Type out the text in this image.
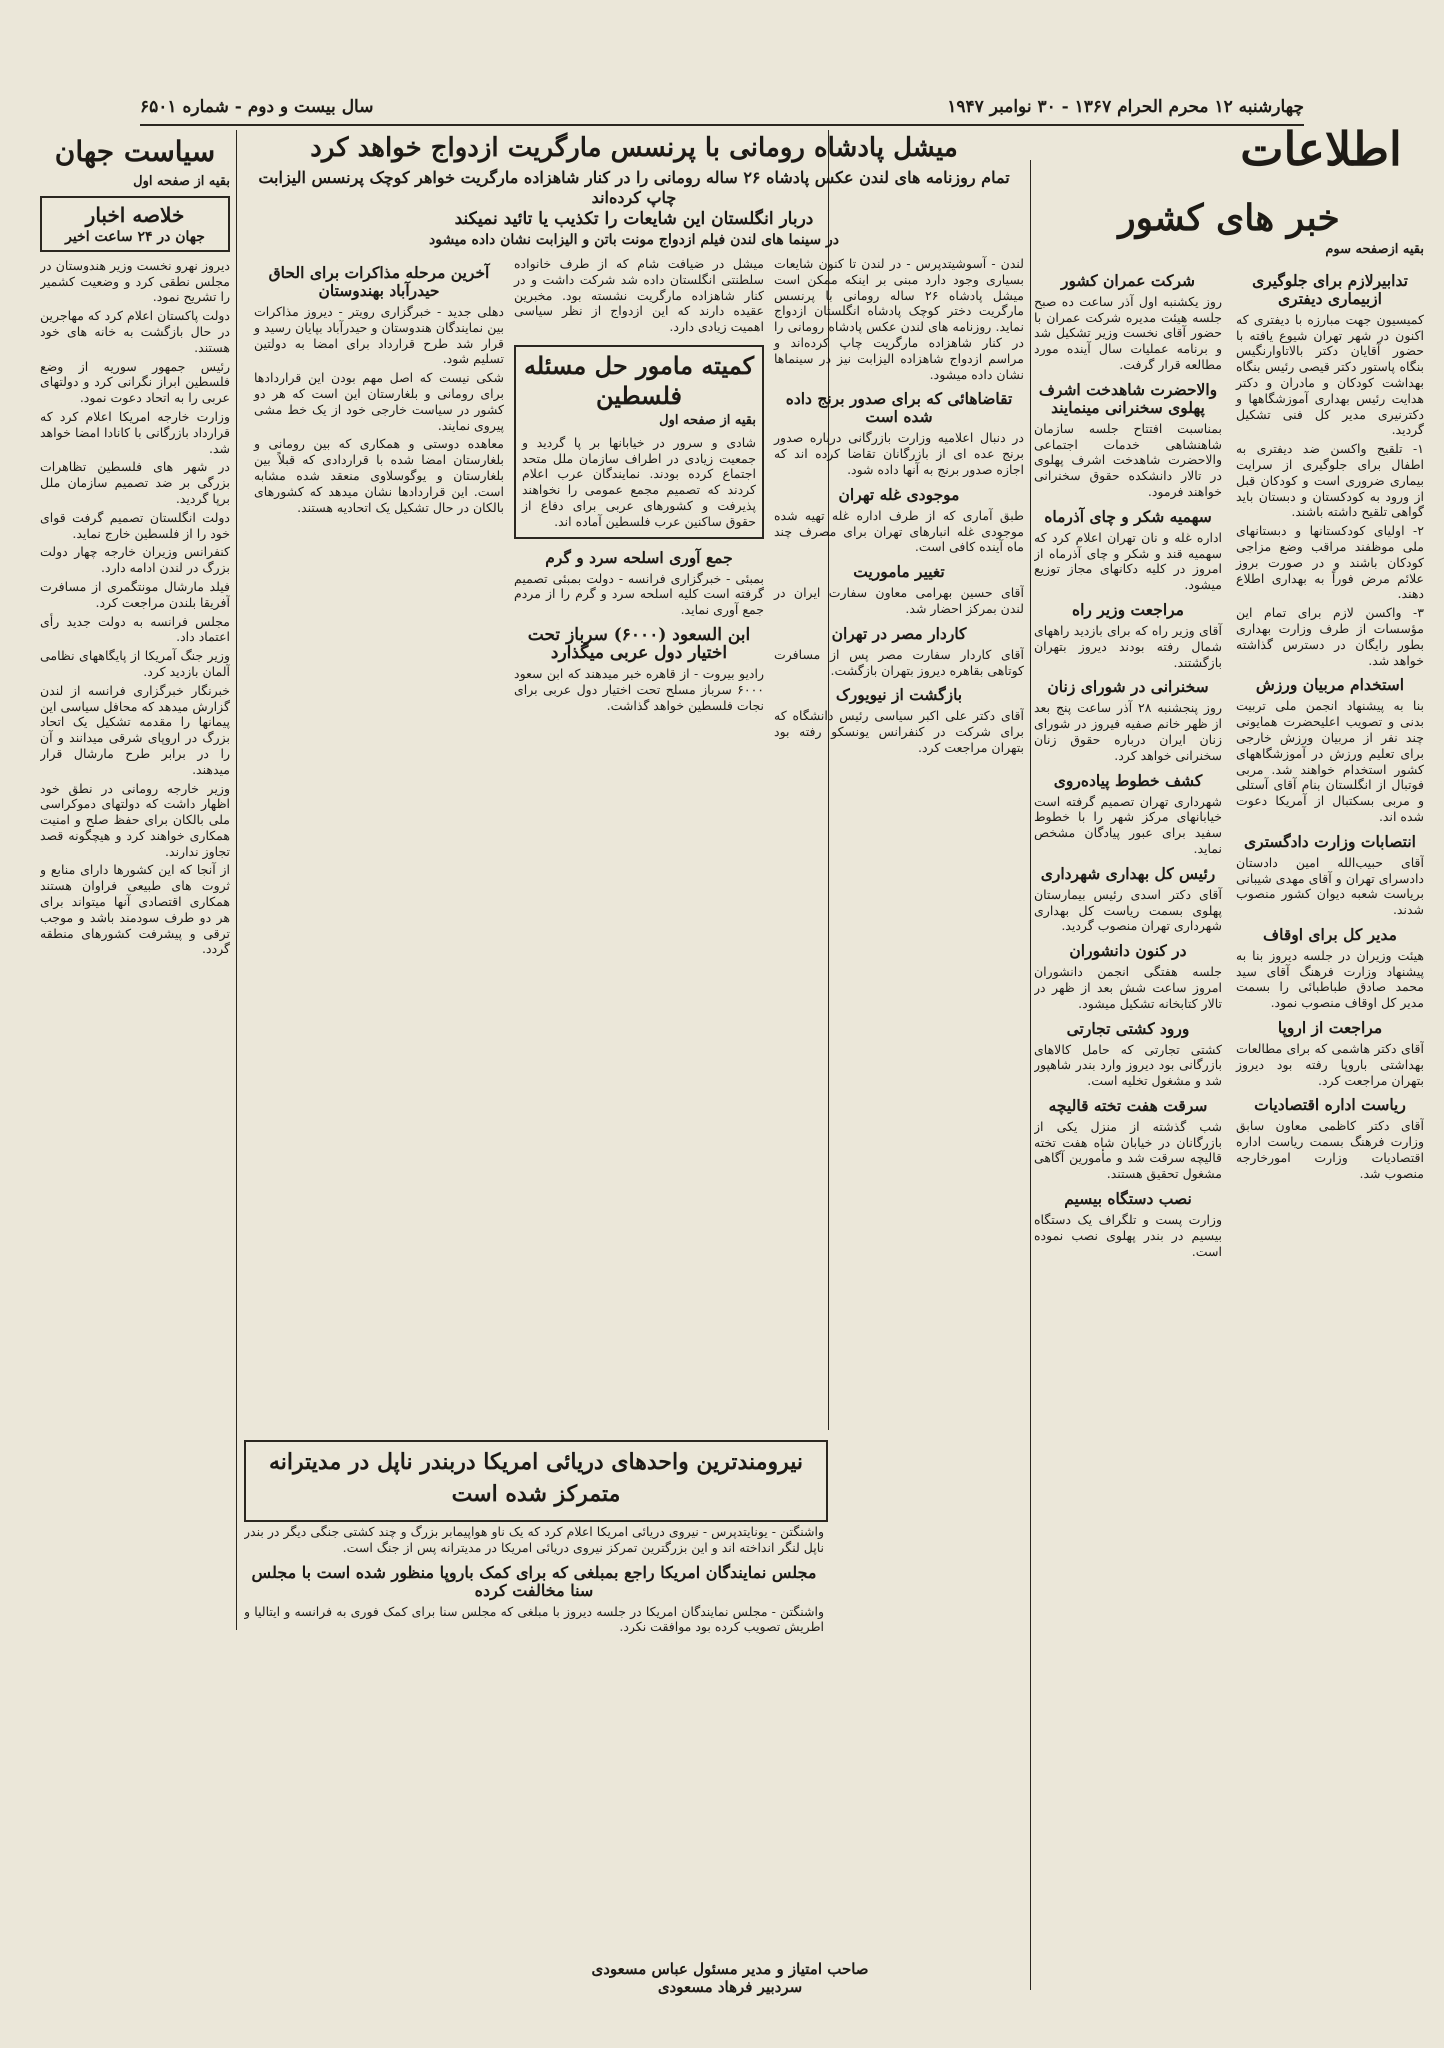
چهارشنبه ۱۲ محرم الحرام ۱۳۶۷ - ۳۰ نوامبر ۱۹۴۷
سال بیست و دوم - شماره ۶۵۰۱
اطلاعات
خبر های کشور
بقیه ازصفحه سوم
تدابیرلازم برای جلوگیری ازبیماری دیفتری

کمیسیون جهت مبارزه با دیفتری که اکنون در شهر تهران شیوع یافته با حضور آقایان دکتر بالاتاوارنگیس بنگاه پاستور دکتر قیصی رئیس بنگاه بهداشت کودکان و مادران و دکتر هدایت رئیس بهداری آموزشگاهها و دکترنیری مدیر کل فنی تشکیل گردید.

۱- تلقیح واکسن ضد دیفتری به اطفال برای جلوگیری از سرایت بیماری ضروری است و کودکان قبل از ورود به کودکستان و دبستان باید گواهی تلقیح داشته باشند.

۲- اولیای کودکستانها و دبستانهای ملی موظفند مراقب وضع مزاجی کودکان باشند و در صورت بروز علائم مرض فوراً به بهداری اطلاع دهند.

۳- واکسن لازم برای تمام این مؤسسات از طرف وزارت بهداری بطور رایگان در دسترس گذاشته خواهد شد.

استخدام مربیان ورزش

بنا به پیشنهاد انجمن ملی تربیت بدنی و تصویب اعلیحضرت همایونی چند نفر از مربیان ورزش خارجی برای تعلیم ورزش در آموزشگاههای کشور استخدام خواهند شد. مربی فوتبال از انگلستان بنام آقای آستلی و مربی بسکتبال از آمریکا دعوت شده اند.

انتصابات وزارت دادگستری

آقای حبیب‌الله امین دادستان دادسرای تهران و آقای مهدی شیبانی بریاست شعبه دیوان کشور منصوب شدند.

مدیر کل برای اوقاف

هیئت وزیران در جلسه دیروز بنا به پیشنهاد وزارت فرهنگ آقای سید محمد صادق طباطبائی را بسمت مدیر کل اوقاف منصوب نمود.

مراجعت از اروپا

آقای دکتر هاشمی که برای مطالعات بهداشتی باروپا رفته بود دیروز بتهران مراجعت کرد.

ریاست اداره اقتصادیات

آقای دکتر کاظمی معاون سابق وزارت فرهنگ بسمت ریاست اداره اقتصادیات وزارت امورخارجه منصوب شد.

شرکت عمران کشور

روز یکشنبه اول آذر ساعت ده صبح جلسه هیئت مدیره شرکت عمران با حضور آقای نخست وزیر تشکیل شد و برنامه عملیات سال آینده مورد مطالعه قرار گرفت.

والاحضرت شاهدخت اشرف پهلوی سخنرانی مینمایند

بمناسبت افتتاح جلسه سازمان شاهنشاهی خدمات اجتماعی والاحضرت شاهدخت اشرف پهلوی در تالار دانشکده حقوق سخنرانی خواهند فرمود.

سهمیه شکر و چای آذرماه

اداره غله و نان تهران اعلام کرد که سهمیه قند و شکر و چای آذرماه از امروز در کلیه دکانهای مجاز توزیع میشود.

مراجعت وزیر راه

آقای وزیر راه که برای بازدید راههای شمال رفته بودند دیروز بتهران بازگشتند.

سخنرانی در شورای زنان

روز پنجشنبه ۲۸ آذر ساعت پنج بعد از ظهر خانم صفیه فیروز در شورای زنان ایران درباره حقوق زنان سخنرانی خواهد کرد.

کشف خطوط پیاده‌روی

شهرداری تهران تصمیم گرفته است خیابانهای مرکز شهر را با خطوط سفید برای عبور پیادگان مشخص نماید.

رئیس کل بهداری شهرداری

آقای دکتر اسدی رئیس بیمارستان پهلوی بسمت ریاست کل بهداری شهرداری تهران منصوب گردید.

در کنون دانشوران

جلسه هفتگی انجمن دانشوران امروز ساعت شش بعد از ظهر در تالار کتابخانه تشکیل میشود.

ورود کشتی تجارتی

کشتی تجارتی که حامل کالاهای بازرگانی بود دیروز وارد بندر شاهپور شد و مشغول تخلیه است.

سرقت هفت تخته قالیچه

شب گذشته از منزل یکی از بازرگانان در خیابان شاه هفت تخته قالیچه سرقت شد و مأمورین آگاهی مشغول تحقیق هستند.

نصب دستگاه بیسیم

وزارت پست و تلگراف یک دستگاه بیسیم در بندر پهلوی نصب نموده است.

میشل پادشاه رومانی با پرنسس مارگریت ازدواج خواهد کرد
تمام روزنامه های لندن عکس پادشاه ۲۶ ساله رومانی را در کنار شاهزاده مارگریت خواهر کوچک پرنسس الیزابت چاپ کرده‌اند
دربار انگلستان این شایعات را تکذیب یا تائید نمیکند
در سینما های لندن فیلم ازدواج مونت باتن و الیزابت نشان داده میشود

لندن - آسوشیتدپرس - در لندن تا کنون شایعات بسیاری وجود دارد مبنی بر اینکه ممکن است میشل پادشاه ۲۶ ساله رومانی با پرنسس مارگریت دختر کوچک پادشاه انگلستان ازدواج نماید. روزنامه های لندن عکس پادشاه رومانی را در کنار شاهزاده مارگریت چاپ کرده‌اند و مراسم ازدواج شاهزاده الیزابت نیز در سینماها نشان داده میشود.

تقاضاهائی که برای صدور برنج داده شده است

در دنبال اعلامیه وزارت بازرگانی درباره صدور برنج عده ای از بازرگانان تقاضا کرده اند که اجازه صدور برنج به آنها داده شود.

موجودی غله تهران

طبق آماری که از طرف اداره غله تهیه شده موجودی غله انبارهای تهران برای مصرف چند ماه آینده کافی است.

تغییر ماموریت

آقای حسین بهرامی معاون سفارت ایران در لندن بمرکز احضار شد.

کاردار مصر در تهران

آقای کاردار سفارت مصر پس از مسافرت کوتاهی بقاهره دیروز بتهران بازگشت.

بازگشت از نیویورک

آقای دکتر علی اکبر سیاسی رئیس دانشگاه که برای شرکت در کنفرانس یونسکو رفته بود بتهران مراجعت کرد.

میشل در ضیافت شام که از طرف خانواده سلطنتی انگلستان داده شد شرکت داشت و در کنار شاهزاده مارگریت نشسته بود. مخبرین عقیده دارند که این ازدواج از نظر سیاسی اهمیت زیادی دارد.

کمیته مامور حل مسئله فلسطین
بقیه از صفحه اول

شادی و سرور در خیابانها بر پا گردید و جمعیت زیادی در اطراف سازمان ملل متحد اجتماع کرده بودند. نمایندگان عرب اعلام کردند که تصمیم مجمع عمومی را نخواهند پذیرفت و کشورهای عربی برای دفاع از حقوق ساکنین عرب فلسطین آماده اند.

جمع آوری اسلحه سرد و گرم

بمبئی - خبرگزاری فرانسه - دولت بمبئی تصمیم گرفته است کلیه اسلحه سرد و گرم را از مردم جمع آوری نماید.

ابن السعود (۶۰۰۰) سرباز تحت اختیار دول عربی میگذارد

رادیو بیروت - از قاهره خبر میدهند که ابن سعود ۶۰۰۰ سرباز مسلح تحت اختیار دول عربی برای نجات فلسطین خواهد گذاشت.

آخرین مرحله مذاکرات برای الحاق حیدرآباد بهندوستان

دهلی جدید - خبرگزاری رویتر - دیروز مذاکرات بین نمایندگان هندوستان و حیدرآباد بپایان رسید و قرار شد طرح قرارداد برای امضا به دولتین تسلیم شود.

شکی نیست که اصل مهم بودن این قراردادها برای رومانی و بلغارستان این است که هر دو کشور در سیاست خارجی خود از یک خط مشی پیروی نمایند.

معاهده دوستی و همکاری که بین رومانی و بلغارستان امضا شده با قراردادی که قبلاً بین بلغارستان و یوگوسلاوی منعقد شده مشابه است. این قراردادها نشان میدهد که کشورهای بالکان در حال تشکیل یک اتحادیه هستند.

نیرومندترین واحدهای دریائی امریکا دربندر ناپل در مدیترانه متمرکز شده است

واشنگتن - یونایتدپرس - نیروی دریائی امریکا اعلام کرد که یک ناو هواپیمابر بزرگ و چند کشتی جنگی دیگر در بندر ناپل لنگر انداخته اند و این بزرگترین تمرکز نیروی دریائی امریکا در مدیترانه پس از جنگ است.

مجلس نمایندگان امریکا راجع بمبلغی که برای کمک باروپا منظور شده است با مجلس سنا مخالفت کرده

واشنگتن - مجلس نمایندگان امریکا در جلسه دیروز با مبلغی که مجلس سنا برای کمک فوری به فرانسه و ایتالیا و اطریش تصویب کرده بود موافقت نکرد.

سیاست جهان
بقیه از صفحه اول
خلاصه اخبار
جهان در ۲۴ ساعت اخیر

دیروز نهرو نخست وزیر هندوستان در مجلس نطقی کرد و وضعیت کشمیر را تشریح نمود.

دولت پاکستان اعلام کرد که مهاجرین در حال بازگشت به خانه های خود هستند.

رئیس جمهور سوریه از وضع فلسطین ابراز نگرانی کرد و دولتهای عربی را به اتحاد دعوت نمود.

وزارت خارجه امریکا اعلام کرد که قرارداد بازرگانی با کانادا امضا خواهد شد.

در شهر های فلسطین تظاهرات بزرگی بر ضد تصمیم سازمان ملل برپا گردید.

دولت انگلستان تصمیم گرفت قوای خود را از فلسطین خارج نماید.

کنفرانس وزیران خارجه چهار دولت بزرگ در لندن ادامه دارد.

فیلد مارشال مونتگمری از مسافرت آفریقا بلندن مراجعت کرد.

مجلس فرانسه به دولت جدید رأی اعتماد داد.

وزیر جنگ آمریکا از پایگاههای نظامی آلمان بازدید کرد.

خبرنگار خبرگزاری فرانسه از لندن گزارش میدهد که محافل سیاسی این پیمانها را مقدمه تشکیل یک اتحاد بزرگ در اروپای شرقی میدانند و آن را در برابر طرح مارشال قرار میدهند.

وزیر خارجه رومانی در نطق خود اظهار داشت که دولتهای دموکراسی ملی بالکان برای حفظ صلح و امنیت همکاری خواهند کرد و هیچگونه قصد تجاوز ندارند.

از آنجا که این کشورها دارای منابع و ثروت های طبیعی فراوان هستند همکاری اقتصادی آنها میتواند برای هر دو طرف سودمند باشد و موجب ترقی و پیشرفت کشورهای منطقه گردد.

صاحب امتیاز و مدیر مسئول عباس مسعودی
سردبیر فرهاد مسعودی
